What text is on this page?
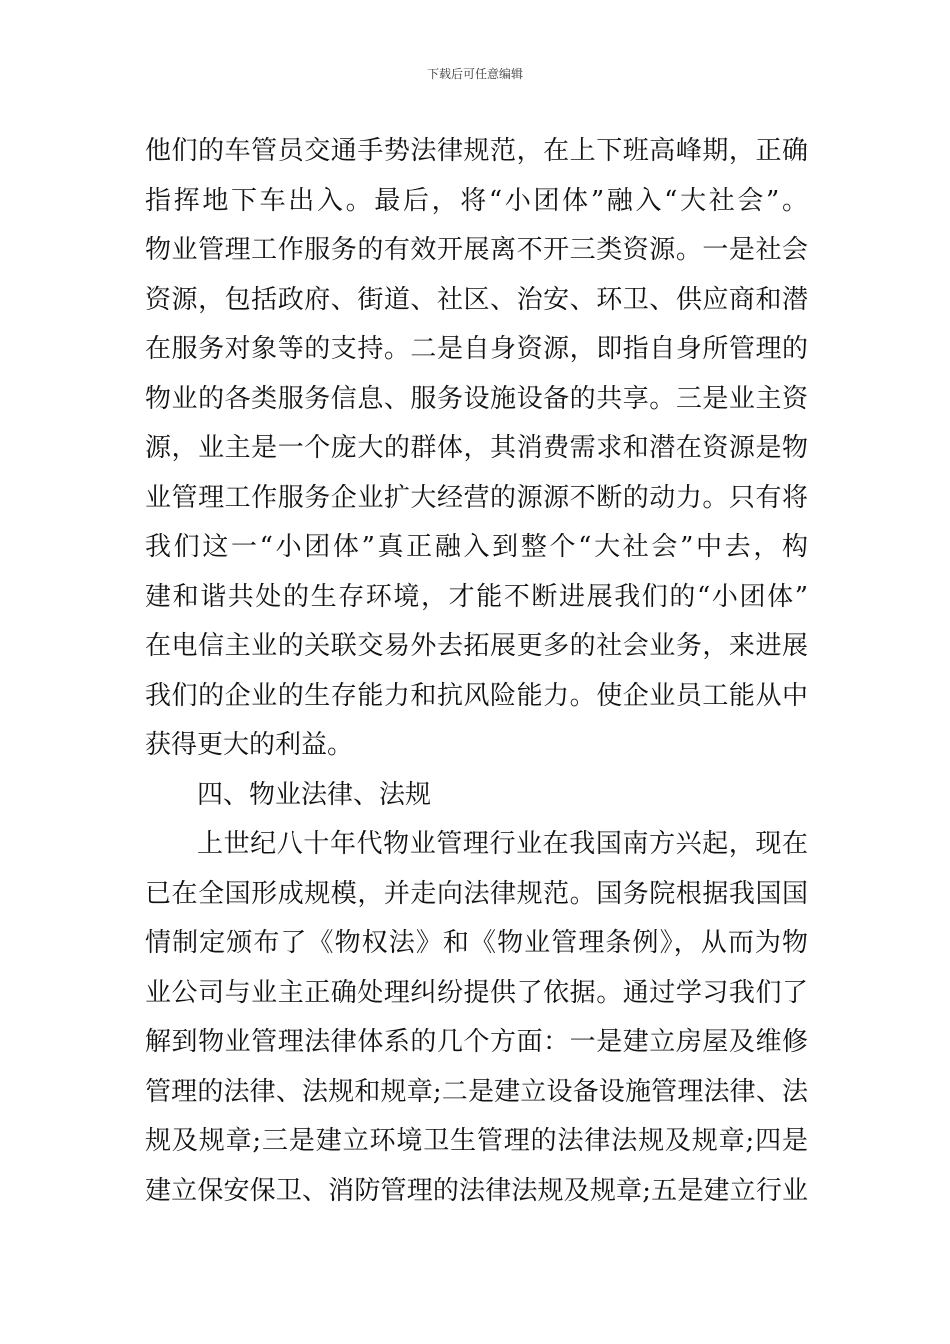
下载后可任意编辑
他们的车管员交通手势法律规范，在上下班高峰期，正确
指挥地下车出入。最后，将“小团体”融入“大社会”。
物业管理工作服务的有效开展离不开三类资源。一是社会
资源，包括政府、街道、社区、治安、环卫、供应商和潜
在服务对象等的支持。二是自身资源，即指自身所管理的
物业的各类服务信息、服务设施设备的共享。三是业主资
源，业主是一个庞大的群体，其消费需求和潜在资源是物
业管理工作服务企业扩大经营的源源不断的动力。只有将
我们这一“小团体”真正融入到整个“大社会”中去，构
建和谐共处的生存环境，才能不断进展我们的“小团体”
在电信主业的关联交易外去拓展更多的社会业务，来进展
我们的企业的生存能力和抗风险能力。使企业员工能从中
获得更大的利益。
四、物业法律、法规
上世纪八十年代物业管理行业在我国南方兴起，现在
已在全国形成规模，并走向法律规范。国务院根据我国国
情制定颁布了《物权法》和《物业管理条例》，从而为物
业公司与业主正确处理纠纷提供了依据。通过学习我们了
解到物业管理法律体系的几个方面：一是建立房屋及维修
管理的法律、法规和规章;二是建立设备设施管理法律、法
规及规章;三是建立环境卫生管理的法律法规及规章;四是
建立保安保卫、消防管理的法律法规及规章;五是建立行业
